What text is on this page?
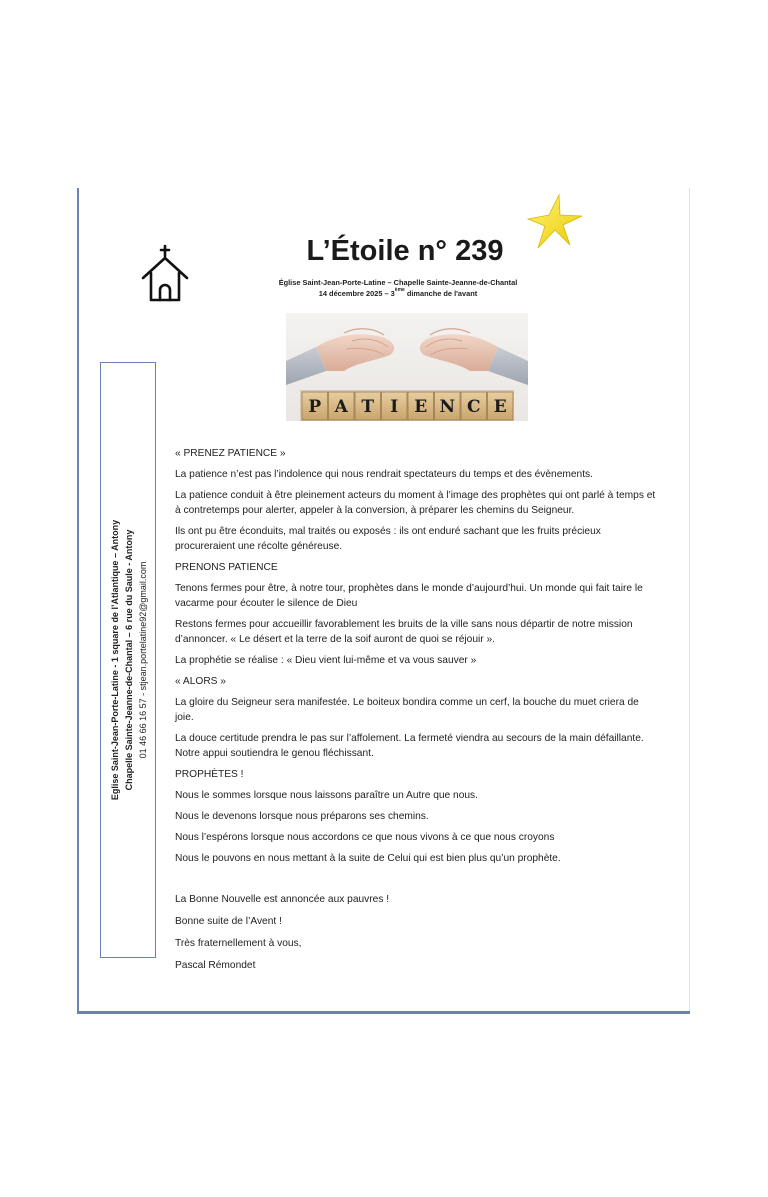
L’Étoile n° 239
Église Saint-Jean-Porte-Latine – Chapelle Sainte-Jeanne-de-Chantal
14 décembre 2025 – 3ème dimanche de l'avant
P A T I E N C E
Eglise Saint-Jean-Porte-Latine - 1 square de l’Atlantique – Antony Chapelle Sainte-Jeanne-de-Chantal – 6 rue du Saule - Antony 01 46 66 16 57 - stjean.portelatine92@gmail.com

« PRENEZ PATIENCE »

La patience n’est pas l’indolence qui nous rendrait spectateurs du temps et des évènements.

La patience conduit à être pleinement acteurs du moment à l’image des prophètes qui ont parlé à temps et à contretemps pour alerter, appeler à la conversion, à préparer les chemins du Seigneur.

Ils ont pu être éconduits, mal traités ou exposés : ils ont enduré sachant que les fruits précieux procureraient une récolte généreuse.

PRENONS PATIENCE

Tenons fermes pour être, à notre tour, prophètes dans le monde d’aujourd’hui. Un monde qui fait taire le vacarme pour écouter le silence de Dieu

Restons fermes pour accueillir favorablement les bruits de la ville sans nous départir de notre mission d’annoncer. « Le désert et la terre de la soif auront de quoi se réjouir ».

La prophétie se réalise : « Dieu vient lui-même et va vous sauver »

« ALORS »

La gloire du Seigneur sera manifestée. Le boiteux bondira comme un cerf, la bouche du muet criera de joie.

La douce certitude prendra le pas sur l’affolement. La fermeté viendra au secours de la main défaillante. Notre appui soutiendra le genou fléchissant.

PROPHÈTES !

Nous le sommes lorsque nous laissons paraître un Autre que nous.

Nous le devenons lorsque nous préparons ses chemins.

Nous l’espérons lorsque nous accordons ce que nous vivons à ce que nous croyons

Nous le pouvons en nous mettant à la suite de Celui qui est bien plus qu’un prophète.

La Bonne Nouvelle est annoncée aux pauvres !

Bonne suite de l’Avent !

Très fraternellement à vous,

Pascal Rémondet
